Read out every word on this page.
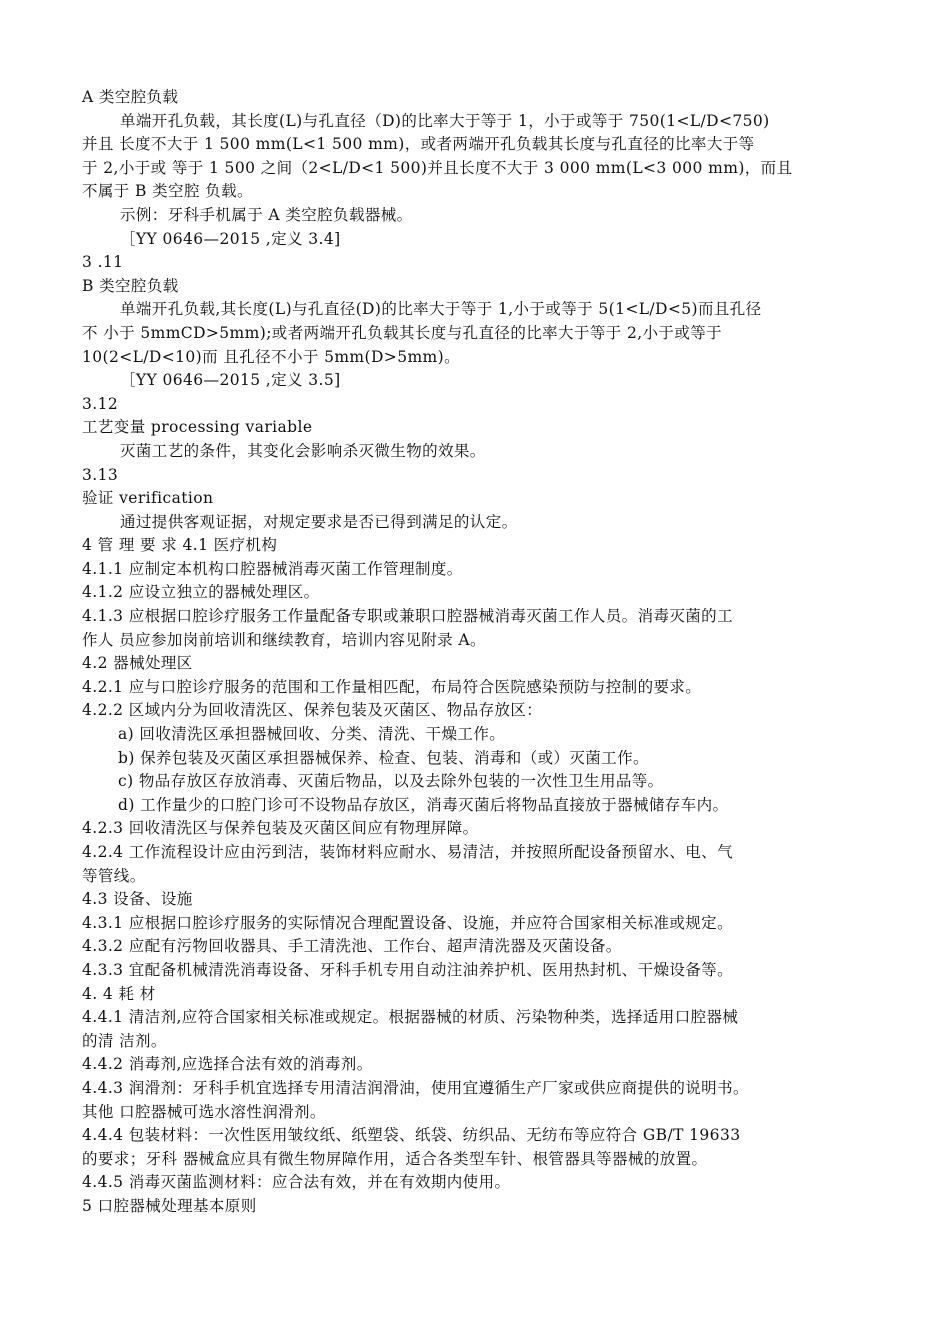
A 类空腔负载
单端开孔负载，其长度(L)与孔直径（D)的比率大于等于 1，小于或等于 750(1<L/D<750)
并且 长度不大于 1 500 mm(L<1 500 mm)，或者两端开孔负载其长度与孔直径的比率大于等
于 2,小于或 等于 1 500 之间（2<L/D<1 500)并且长度不大于 3 000 mm(L<3 000 mm)，而且
不属于 B 类空腔 负载。
示例：牙科手机属于 A 类空腔负载器械。
［YY 0646—2015 ,定义 3.4]
3 .11
B 类空腔负载
单端开孔负载,其长度(L)与孔直径(D)的比率大于等于 1,小于或等于 5(1<L/D<5)而且孔径
不 小于 5mmCD>5mm);或者两端开孔负载其长度与孔直径的比率大于等于 2,小于或等于
10(2<L/D<10)而 且孔径不小于 5mm(D>5mm)。
［YY 0646—2015 ,定义 3.5]
3.12
工艺变量 processing variable
灭菌工艺的条件，其变化会影响杀灭微生物的效果。
3.13
验证 verification
通过提供客观证据，对规定要求是否已得到满足的认定。
4 管 理 要 求 4.1 医疗机构
4.1.1 应制定本机构口腔器械消毒灭菌工作管理制度。
4.1.2 应设立独立的器械处理区。
4.1.3 应根据口腔诊疗服务工作量配备专职或兼职口腔器械消毒灭菌工作人员。消毒灭菌的工
作人 员应参加岗前培训和继续教育，培训内容见附录 A。
4.2 器械处理区
4.2.1 应与口腔诊疗服务的范围和工作量相匹配，布局符合医院感染预防与控制的要求。
4.2.2 区域内分为回收清洗区、保养包装及灭菌区、物品存放区：
a) 回收清洗区承担器械回收、分类、清洗、干燥工作。
b) 保养包装及灭菌区承担器械保养、检查、包装、消毒和（或）灭菌工作。
c) 物品存放区存放消毒、灭菌后物品，以及去除外包装的一次性卫生用品等。
d) 工作量少的口腔门诊可不设物品存放区，消毒灭菌后将物品直接放于器械储存车内。
4.2.3 回收清洗区与保养包装及灭菌区间应有物理屏障。
4.2.4 工作流程设计应由污到洁，装饰材料应耐水、易清洁，并按照所配设备预留水、电、气
等管线。
4.3 设备、设施
4.3.1 应根据口腔诊疗服务的实际情况合理配置设备、设施，并应符合国家相关标准或规定。
4.3.2 应配有污物回收器具、手工清洗池、工作台、超声清洗器及灭菌设备。
4.3.3 宜配备机械清洗消毒设备、牙科手机专用自动注油养护机、医用热封机、干燥设备等。
4. 4 耗 材
4.4.1 清洁剂,应符合国家相关标准或规定。根据器械的材质、污染物种类，选择适用口腔器械
的清 洁剂。
4.4.2 消毒剂,应选择合法有效的消毒剂。
4.4.3 润滑剂：牙科手机宜选择专用清洁润滑油，使用宜遵循生产厂家或供应商提供的说明书。
其他 口腔器械可选水溶性润滑剂。
4.4.4 包装材料：一次性医用皱纹纸、纸塑袋、纸袋、纺织品、无纺布等应符合 GB/T 19633
的要求；牙科 器械盒应具有微生物屏障作用，适合各类型车针、根管器具等器械的放置。
4.4.5 消毒灭菌监测材料：应合法有效，并在有效期内使用。
5 口腔器械处理基本原则
